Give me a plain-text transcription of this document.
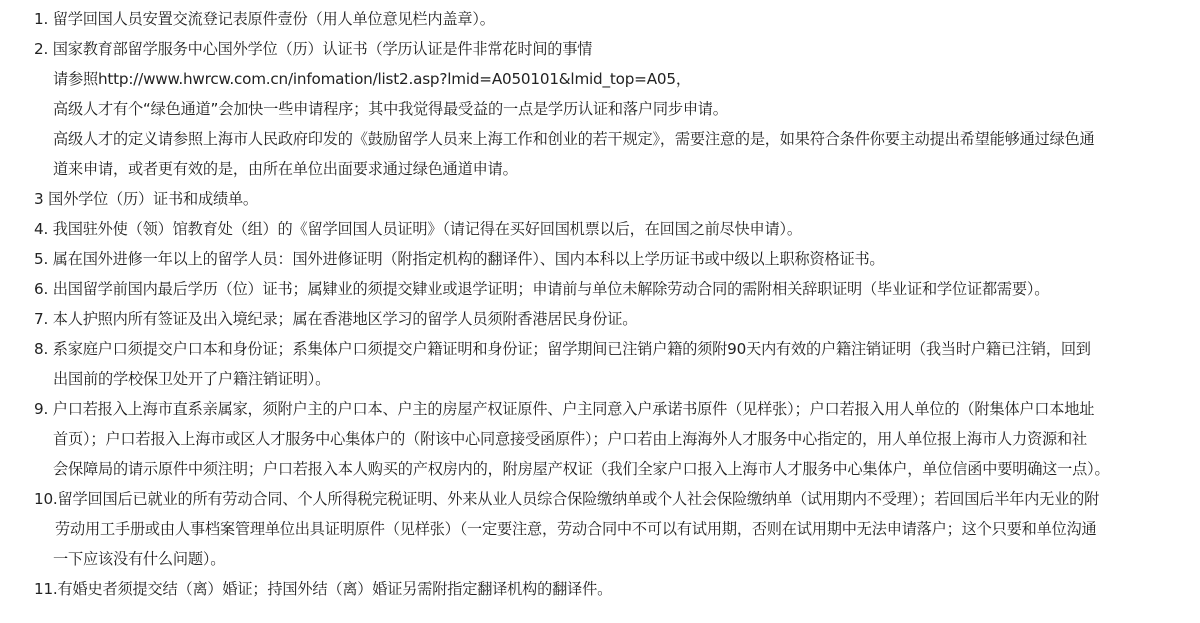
1. 留学回国人员安置交流登记表原件壹份（用人单位意见栏内盖章）。
2. 国家教育部留学服务中心国外学位（历）认证书（学历认证是件非常花时间的事情
请参照http://www.hwrcw.com.cn/infomation/list2.asp?lmid=A050101&lmid_top=A05，
高级人才有个“绿色通道”会加快一些申请程序；其中我觉得最受益的一点是学历认证和落户同步申请。
高级人才的定义请参照上海市人民政府印发的《鼓励留学人员来上海工作和创业的若干规定》，需要注意的是，如果符合条件你要主动提出希望能够通过绿色通
道来申请，或者更有效的是，由所在单位出面要求通过绿色通道申请。
3 国外学位（历）证书和成绩单。
4. 我国驻外使（领）馆教育处（组）的《留学回国人员证明》（请记得在买好回国机票以后，在回国之前尽快申请）。
5. 属在国外进修一年以上的留学人员：国外进修证明（附指定机构的翻译件）、国内本科以上学历证书或中级以上职称资格证书。
6. 出国留学前国内最后学历（位）证书；属肄业的须提交肄业或退学证明；申请前与单位未解除劳动合同的需附相关辞职证明（毕业证和学位证都需要）。
7. 本人护照内所有签证及出入境纪录；属在香港地区学习的留学人员须附香港居民身份证。
8. 系家庭户口须提交户口本和身份证；系集体户口须提交户籍证明和身份证；留学期间已注销户籍的须附90天内有效的户籍注销证明（我当时户籍已注销，回到
出国前的学校保卫处开了户籍注销证明）。
9. 户口若报入上海市直系亲属家，须附户主的户口本、户主的房屋产权证原件、户主同意入户承诺书原件（见样张）；户口若报入用人单位的（附集体户口本地址
首页）；户口若报入上海市或区人才服务中心集体户的（附该中心同意接受函原件）；户口若由上海海外人才服务中心指定的，用人单位报上海市人力资源和社
会保障局的请示原件中须注明；户口若报入本人购买的产权房内的，附房屋产权证（我们全家户口报入上海市人才服务中心集体户，单位信函中要明确这一点）。
10.留学回国后已就业的所有劳动合同、个人所得税完税证明、外来从业人员综合保险缴纳单或个人社会保险缴纳单（试用期内不受理）；若回国后半年内无业的附
劳动用工手册或由人事档案管理单位出具证明原件（见样张）（一定要注意，劳动合同中不可以有试用期，否则在试用期中无法申请落户；这个只要和单位沟通
一下应该没有什么问题）。
11.有婚史者须提交结（离）婚证；持国外结（离）婚证另需附指定翻译机构的翻译件。
